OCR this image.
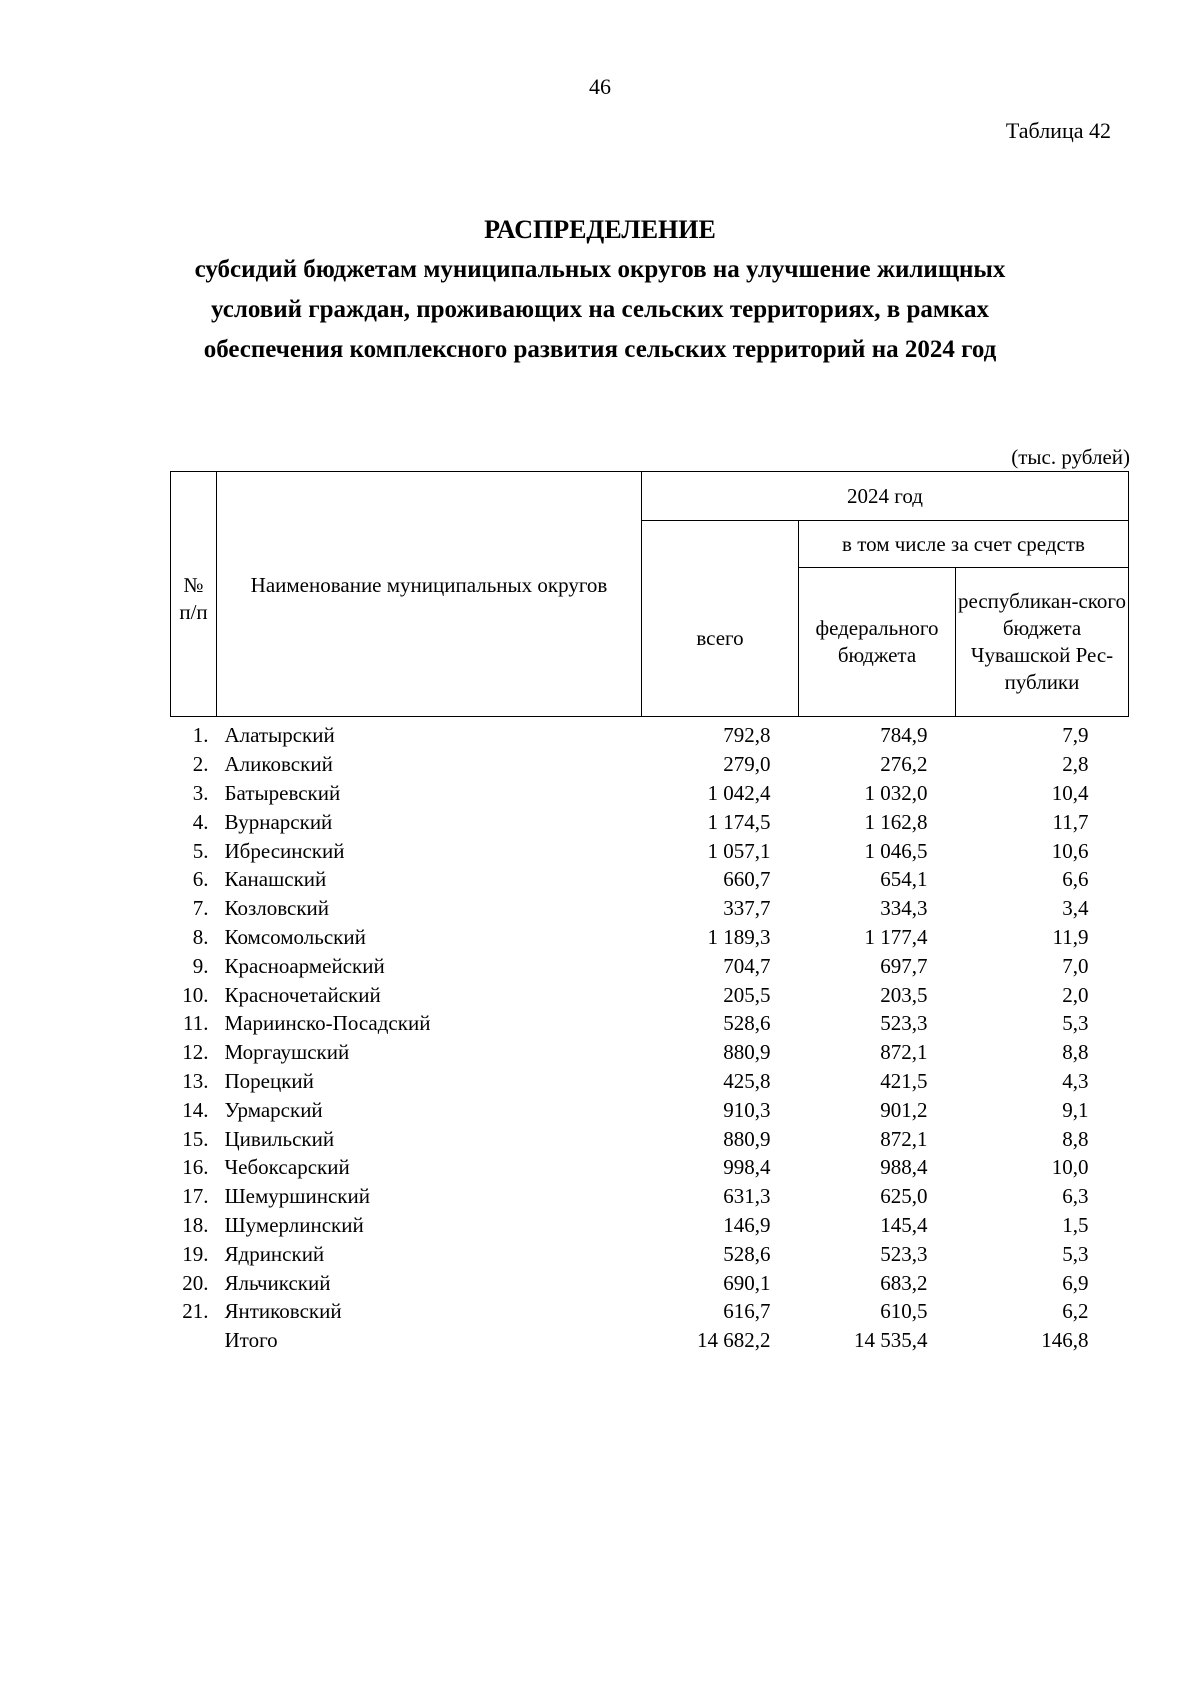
46
Таблица 42
РАСПРЕДЕЛЕНИЕ
субсидий бюджетам муниципальных округов на улучшение жилищных условий граждан, проживающих на сельских территориях, в рамках обеспечения комплексного развития сельских территорий на 2024 год
(тыс. рублей)
№ п/п	Наименование муниципальных округов	2024 год		
		всего	в том числе за счет средств	
			федерального бюджета	республикан-ского бюджета Чувашской Рес-публики
1.	Алатырский	792,8	784,9	7,9
2.	Аликовский	279,0	276,2	2,8
3.	Батыревский	1 042,4	1 032,0	10,4
4.	Вурнарский	1 174,5	1 162,8	11,7
5.	Ибресинский	1 057,1	1 046,5	10,6
6.	Канашский	660,7	654,1	6,6
7.	Козловский	337,7	334,3	3,4
8.	Комсомольский	1 189,3	1 177,4	11,9
9.	Красноармейский	704,7	697,7	7,0
10.	Красночетайский	205,5	203,5	2,0
11.	Мариинско-Посадский	528,6	523,3	5,3
12.	Моргаушский	880,9	872,1	8,8
13.	Порецкий	425,8	421,5	4,3
14.	Урмарский	910,3	901,2	9,1
15.	Цивильский	880,9	872,1	8,8
16.	Чебоксарский	998,4	988,4	10,0
17.	Шемуршинский	631,3	625,0	6,3
18.	Шумерлинский	146,9	145,4	1,5
19.	Ядринский	528,6	523,3	5,3
20.	Яльчикский	690,1	683,2	6,9
21.	Янтиковский	616,7	610,5	6,2
	Итого	14 682,2	14 535,4	146,8
